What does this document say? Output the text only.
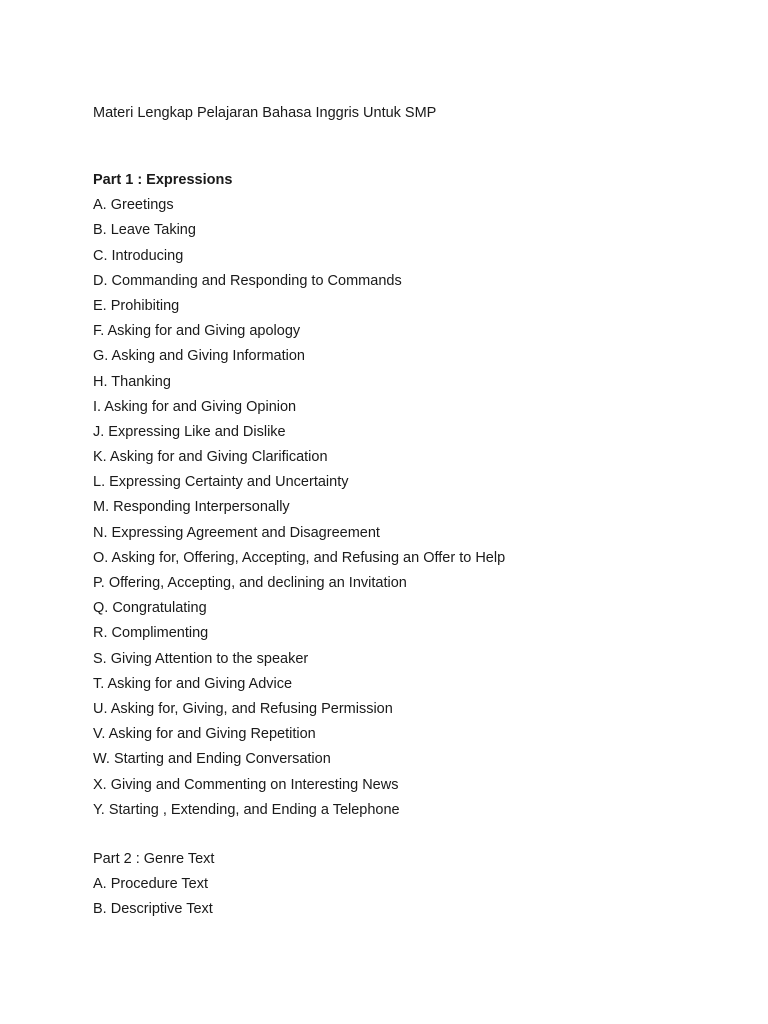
Materi Lengkap Pelajaran Bahasa Inggris Untuk SMP

Part 1 : Expressions
A. Greetings
B. Leave Taking
C. Introducing
D. Commanding and Responding to Commands
E. Prohibiting
F. Asking for and Giving apology
G. Asking and Giving Information
H. Thanking
I. Asking for and Giving Opinion
J. Expressing Like and Dislike
K. Asking for and Giving Clarification
L. Expressing Certainty and Uncertainty
M. Responding Interpersonally
N. Expressing Agreement and Disagreement
O. Asking for, Offering, Accepting, and Refusing an Offer to Help
P. Offering, Accepting, and declining an Invitation
Q. Congratulating
R. Complimenting
S. Giving Attention to the speaker
T. Asking for and Giving Advice
U. Asking for, Giving, and Refusing Permission
V. Asking for and Giving Repetition
W. Starting and Ending Conversation
X. Giving and Commenting on Interesting News
Y. Starting , Extending, and Ending a Telephone
Part 2 : Genre Text
A. Procedure Text
B. Descriptive Text
